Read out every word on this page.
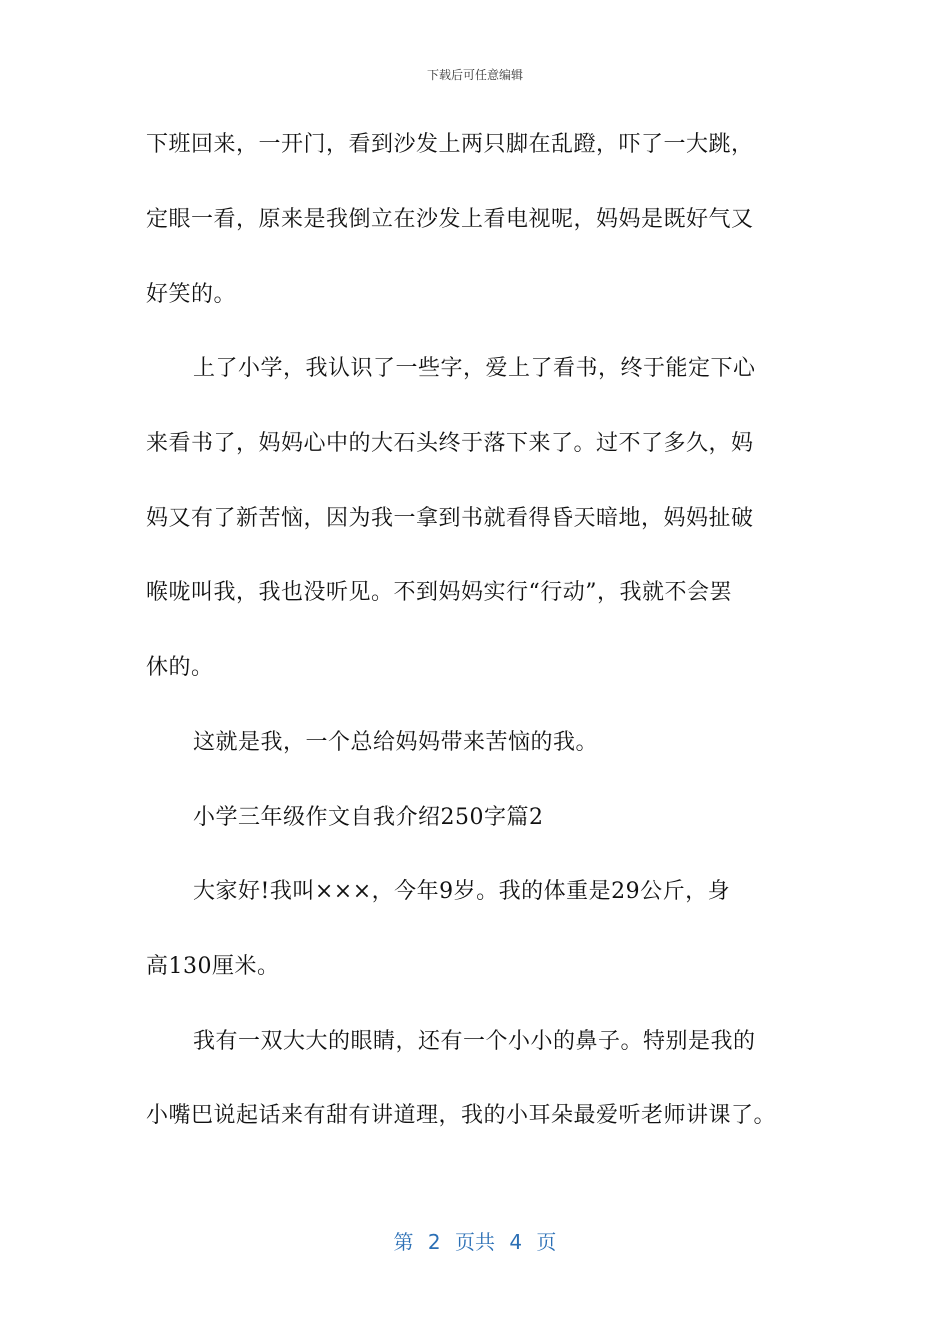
下载后可任意编辑
下班回来，一开门，看到沙发上两只脚在乱蹬，吓了一大跳，
定眼一看，原来是我倒立在沙发上看电视呢，妈妈是既好气又
好笑的。
上了小学，我认识了一些字，爱上了看书，终于能定下心
来看书了，妈妈心中的大石头终于落下来了。过不了多久，妈
妈又有了新苦恼，因为我一拿到书就看得昏天暗地，妈妈扯破
喉咙叫我，我也没听见。不到妈妈实行“行动”，我就不会罢
休的。
这就是我，一个总给妈妈带来苦恼的我。
小学三年级作文自我介绍250字篇2
大家好!我叫×××，今年9岁。我的体重是29公斤，身
高130厘米。
我有一双大大的眼睛，还有一个小小的鼻子。特别是我的
小嘴巴说起话来有甜有讲道理，我的小耳朵最爱听老师讲课了。
第 2 页共 4 页
